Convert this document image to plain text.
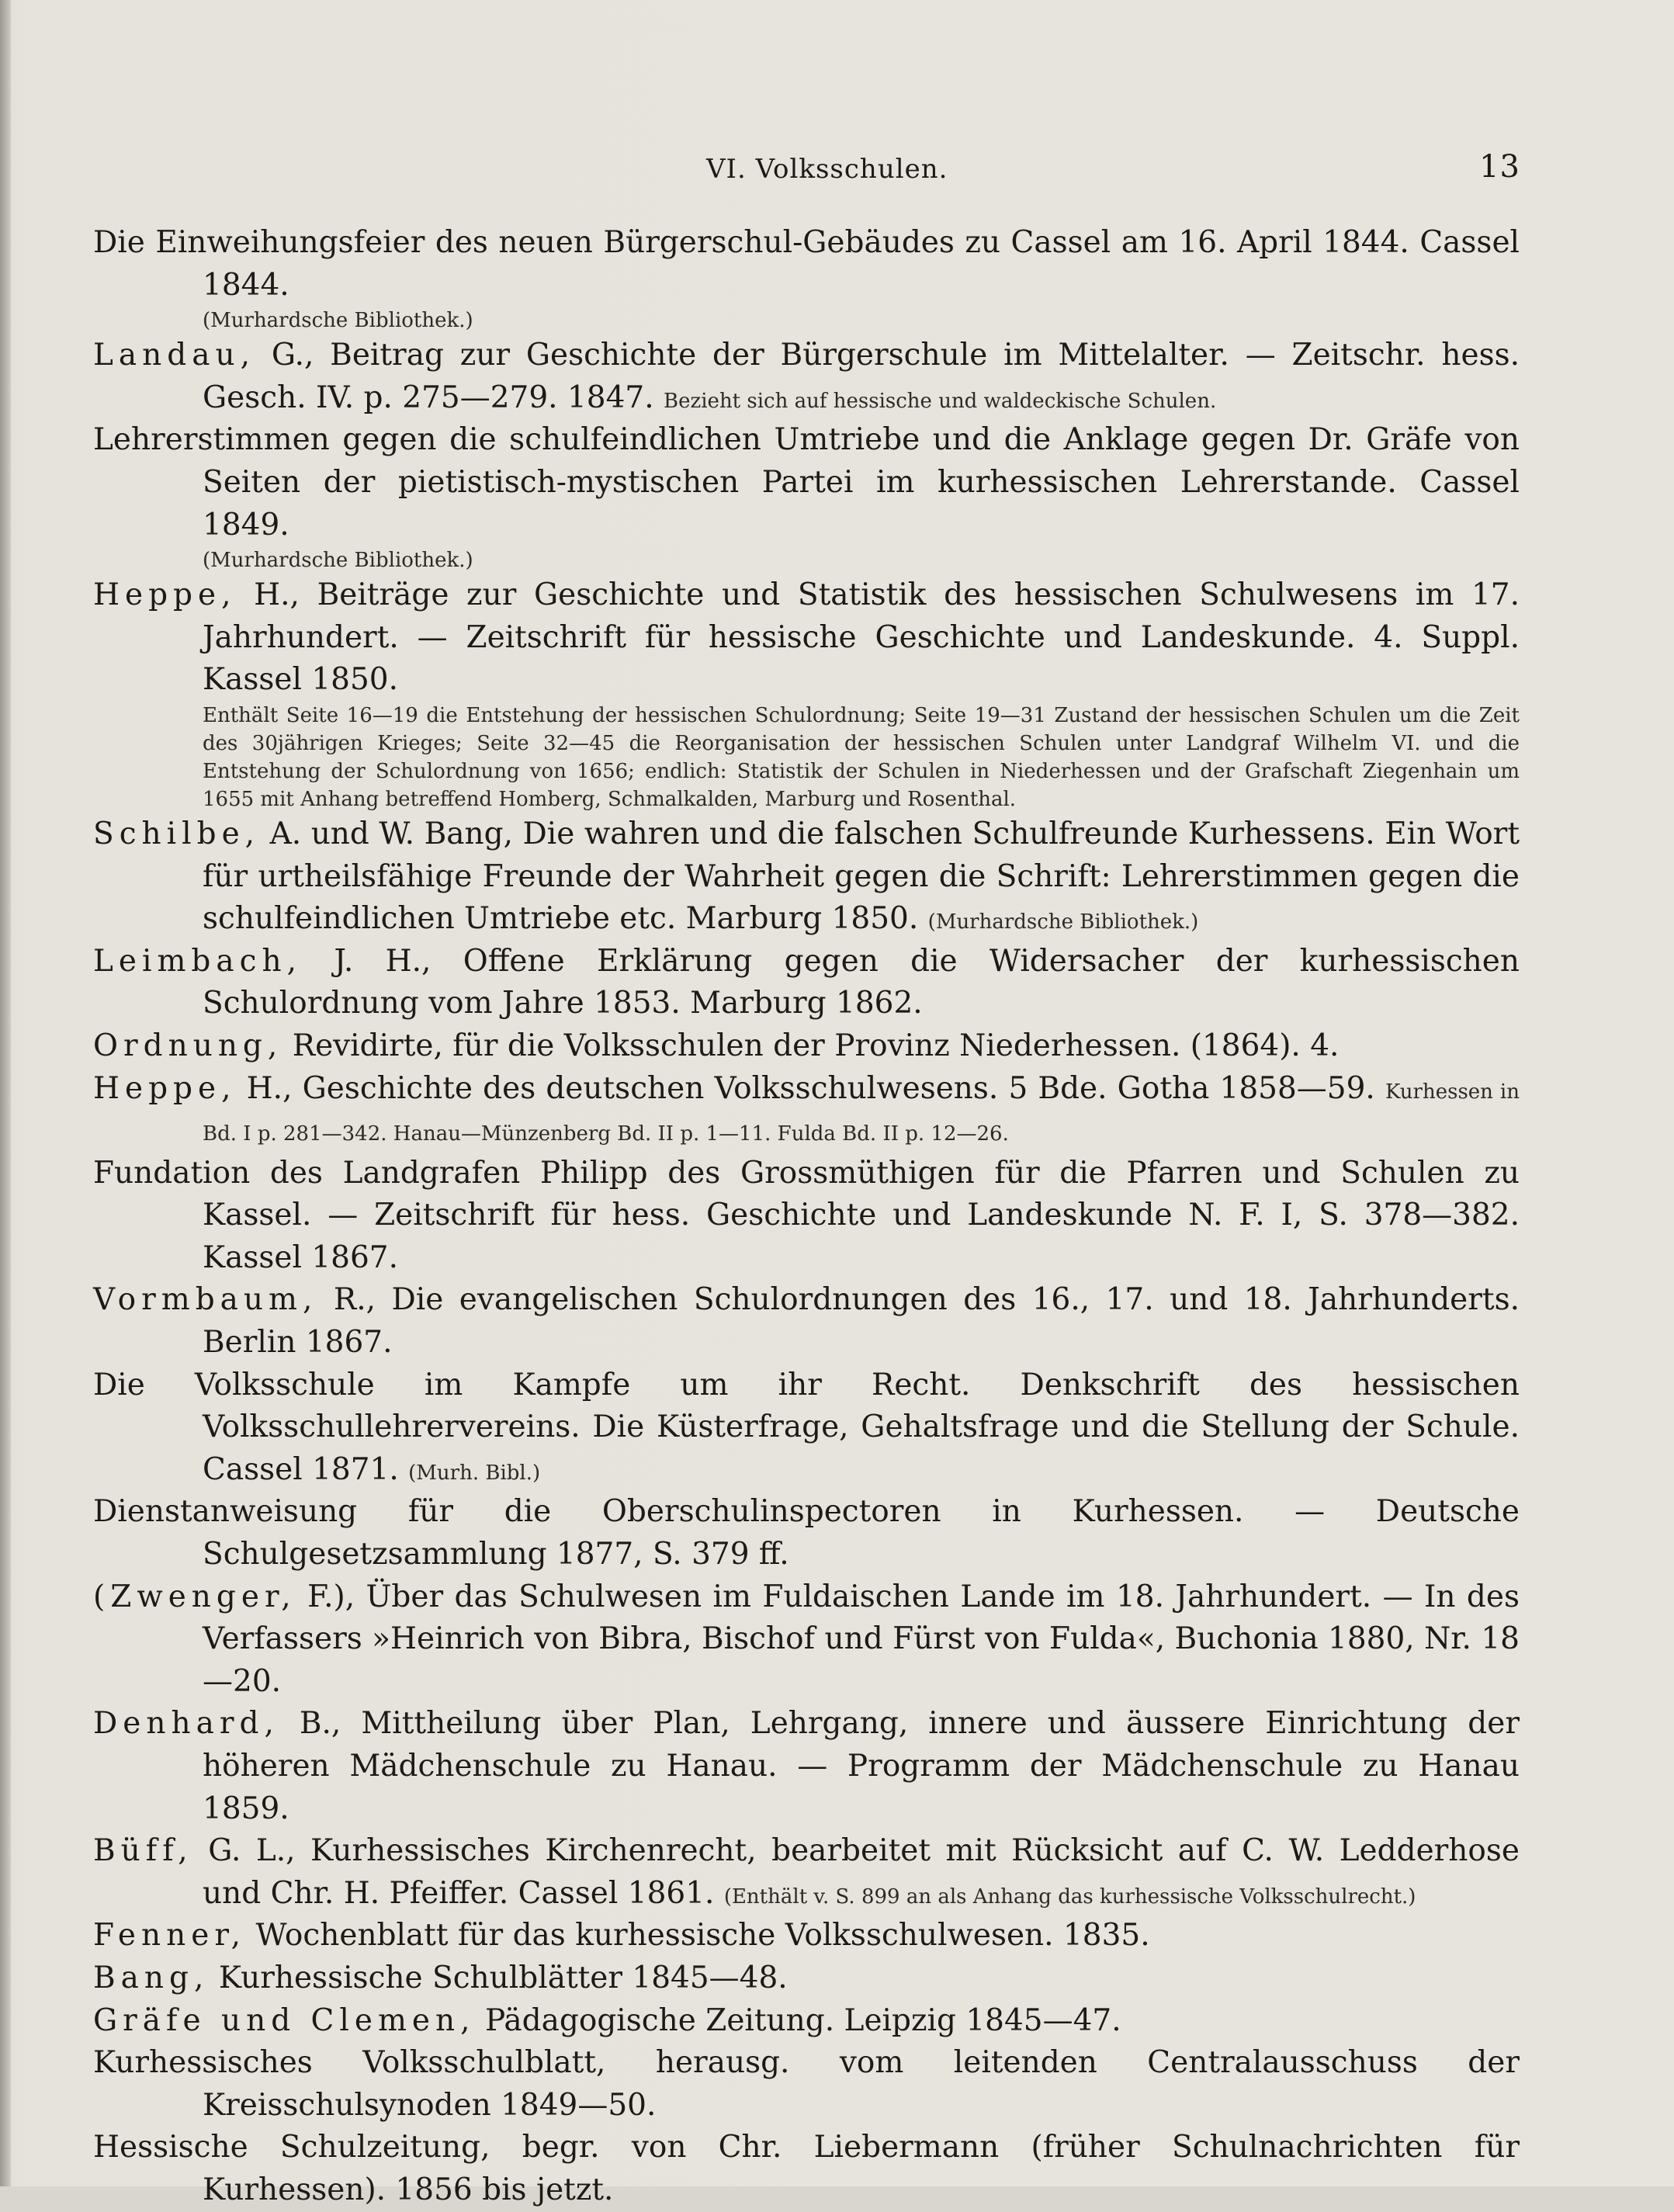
VI. Volksschulen.	13

Die Einweihungsfeier des neuen Bürgerschul-Gebäudes zu Cassel am 16. April 1844. Cassel 1844.
(Murhardsche Bibliothek.)

Landau, G., Beitrag zur Geschichte der Bürgerschule im Mittelalter. — Zeitschr. hess. Gesch. IV. p. 275—279. 1847. Bezieht sich auf hessische und waldeckische Schulen.

Lehrerstimmen gegen die schulfeindlichen Umtriebe und die Anklage gegen Dr. Gräfe von Seiten der pietistisch-mystischen Partei im kurhessischen Lehrerstande. Cassel 1849.
(Murhardsche Bibliothek.)

Heppe, H., Beiträge zur Geschichte und Statistik des hessischen Schulwesens im 17. Jahrhundert. — Zeitschrift für hessische Geschichte und Landeskunde. 4. Suppl. Kassel 1850.
Enthält Seite 16—19 die Entstehung der hessischen Schulordnung; Seite 19—31 Zustand der hessischen Schulen um die Zeit des 30jährigen Krieges; Seite 32—45 die Reorganisation der hessischen Schulen unter Landgraf Wilhelm VI. und die Entstehung der Schulordnung von 1656; endlich: Statistik der Schulen in Niederhessen und der Grafschaft Ziegenhain um 1655 mit Anhang betreffend Homberg, Schmalkalden, Marburg und Rosenthal.

Schilbe, A. und W. Bang, Die wahren und die falschen Schulfreunde Kurhessens. Ein Wort für urtheilsfähige Freunde der Wahrheit gegen die Schrift: Lehrerstimmen gegen die schulfeindlichen Umtriebe etc. Marburg 1850. (Murhardsche Bibliothek.)

Leimbach, J. H., Offene Erklärung gegen die Widersacher der kurhessischen Schulordnung vom Jahre 1853. Marburg 1862.

Ordnung, Revidirte, für die Volksschulen der Provinz Niederhessen. (1864). 4.

Heppe, H., Geschichte des deutschen Volksschulwesens. 5 Bde. Gotha 1858—59. Kurhessen in Bd. I p. 281—342. Hanau—Münzenberg Bd. II p. 1—11. Fulda Bd. II p. 12—26.

Fundation des Landgrafen Philipp des Grossmüthigen für die Pfarren und Schulen zu Kassel. — Zeitschrift für hess. Geschichte und Landeskunde N. F. I, S. 378—382. Kassel 1867.

Vormbaum, R., Die evangelischen Schulordnungen des 16., 17. und 18. Jahrhunderts. Berlin 1867.

Die Volksschule im Kampfe um ihr Recht. Denkschrift des hessischen Volksschullehrervereins. Die Küsterfrage, Gehaltsfrage und die Stellung der Schule. Cassel 1871. (Murh. Bibl.)

Dienstanweisung für die Oberschulinspectoren in Kurhessen. — Deutsche Schulgesetzsammlung 1877, S. 379 ff.

(Zwenger, F.), Über das Schulwesen im Fuldaischen Lande im 18. Jahrhundert. — In des Verfassers »Heinrich von Bibra, Bischof und Fürst von Fulda«, Buchonia 1880, Nr. 18—20.

Denhard, B., Mittheilung über Plan, Lehrgang, innere und äussere Einrichtung der höheren Mädchenschule zu Hanau. — Programm der Mädchenschule zu Hanau 1859.

Büff, G. L., Kurhessisches Kirchenrecht, bearbeitet mit Rücksicht auf C. W. Ledderhose und Chr. H. Pfeiffer. Cassel 1861. (Enthält v. S. 899 an als Anhang das kurhessische Volksschulrecht.)

Fenner, Wochenblatt für das kurhessische Volksschulwesen. 1835.

Bang, Kurhessische Schulblätter 1845—48.

Gräfe und Clemen, Pädagogische Zeitung. Leipzig 1845—47.

Kurhessisches Volksschulblatt, herausg. vom leitenden Centralausschuss der Kreisschulsynoden 1849—50.

Hessische Schulzeitung, begr. von Chr. Liebermann (früher Schulnachrichten für Kurhessen). 1856 bis jetzt.
